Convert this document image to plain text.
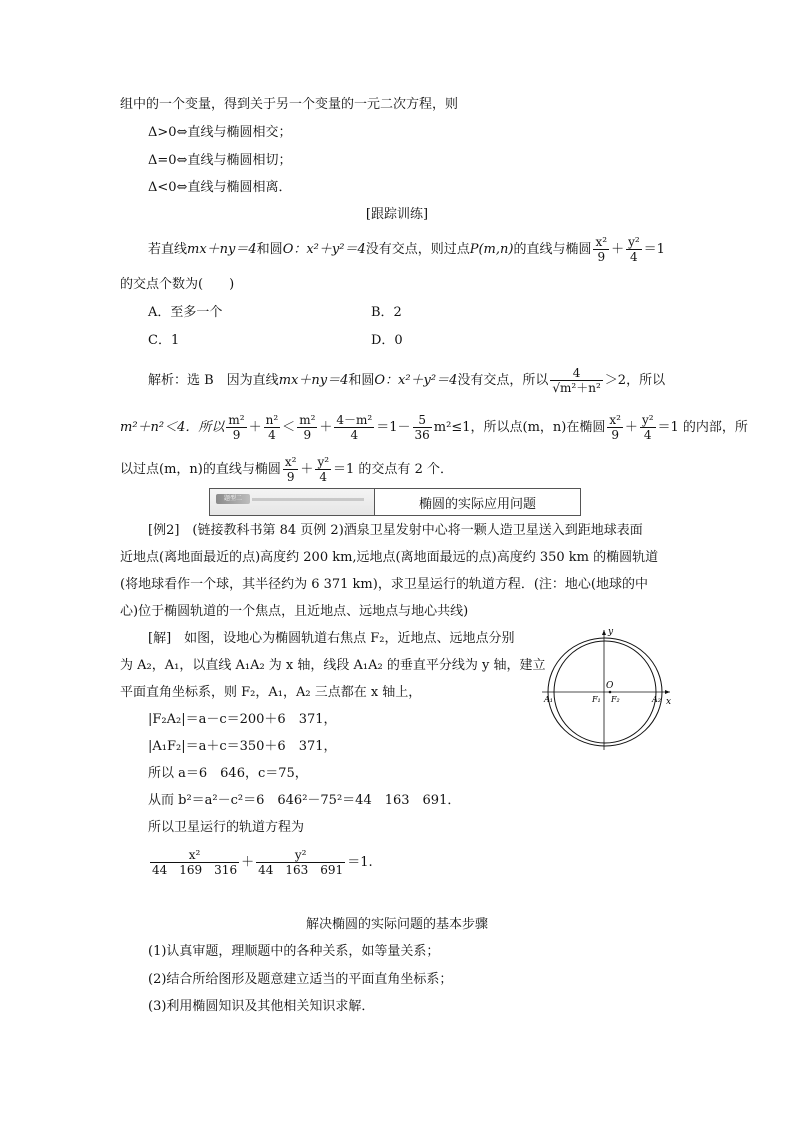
组中的一个变量，得到关于另一个变量的一元二次方程，则
Δ>0⇔直线与椭圆相交；
Δ=0⇔直线与椭圆相切；
Δ<0⇔直线与椭圆相离．
[跟踪训练]
若直线mx＋ny＝4和圆O：x²＋y²＝4没有交点，则过点P(m,n)的直线与椭圆 $\frac{\text{x²}}{9} + \frac{\text{y²}}{4} =1$
的交点个数为(　　)
A．至多一个	B．2
C．1	D．0
解析：选 B　因为直线mx＋ny＝4和圆O：x²＋y²＝4没有交点，所以 $\frac{4}{\text{√m²＋n²}} >2$，所以
m²＋n²＜4．所以 $\frac{\text{m²}}{9} + \frac{\text{n²}}{4} < \frac{\text{m²}}{9} + \frac{\text{4－m²}}{4} =1- \frac{5}{36} m^2\le 1$，所以点(m，n)在椭圆 $\frac{\text{x²}}{9} + \frac{\text{y²}}{4} =1$ 的内部，所
以过点(m，n)的直线与椭圆 $\frac{\text{x²}}{9} + \frac{\text{y²}}{4} =1$ 的交点有 2 个．
题型二	椭圆的实际应用问题
[例2]　(链接教科书第 84 页例 2)酒泉卫星发射中心将一颗人造卫星送入到距地球表面
近地点(离地面最近的点)高度约 200 km,远地点(离地面最远的点)高度约 350 km 的椭圆轨道
(将地球看作一个球，其半径约为 6 371 km)，求卫星运行的轨道方程．(注：地心(地球的中
心)位于椭圆轨道的一个焦点，且近地点、远地点与地心共线)
[解]　如图，设地心为椭圆轨道右焦点 F₂，近地点、远地点分别
为 A₂，A₁，以直线 A₁A₂ 为 x 轴，线段 A₁A₂ 的垂直平分线为 y 轴，建立
平面直角坐标系，则 F₂，A₁，A₂ 三点都在 x 轴上，
|F₂A₂|＝a－c＝200＋6　371，
|A₁F₂|＝a＋c＝350＋6　371，
所以 a＝6　646，c＝75，
从而 b²＝a²－c²＝6　646²－75²＝44　163　691．
所以卫星运行的轨道方程为
$\frac{\text{x²}}{44 169 316} + \frac{\text{y²}}{44 163 691} =1$.
y
x
O
A₁	A₂
F₁ F₂
解决椭圆的实际问题的基本步骤
(1)认真审题，理顺题中的各种关系，如等量关系；
(2)结合所给图形及题意建立适当的平面直角坐标系；
(3)利用椭圆知识及其他相关知识求解．
